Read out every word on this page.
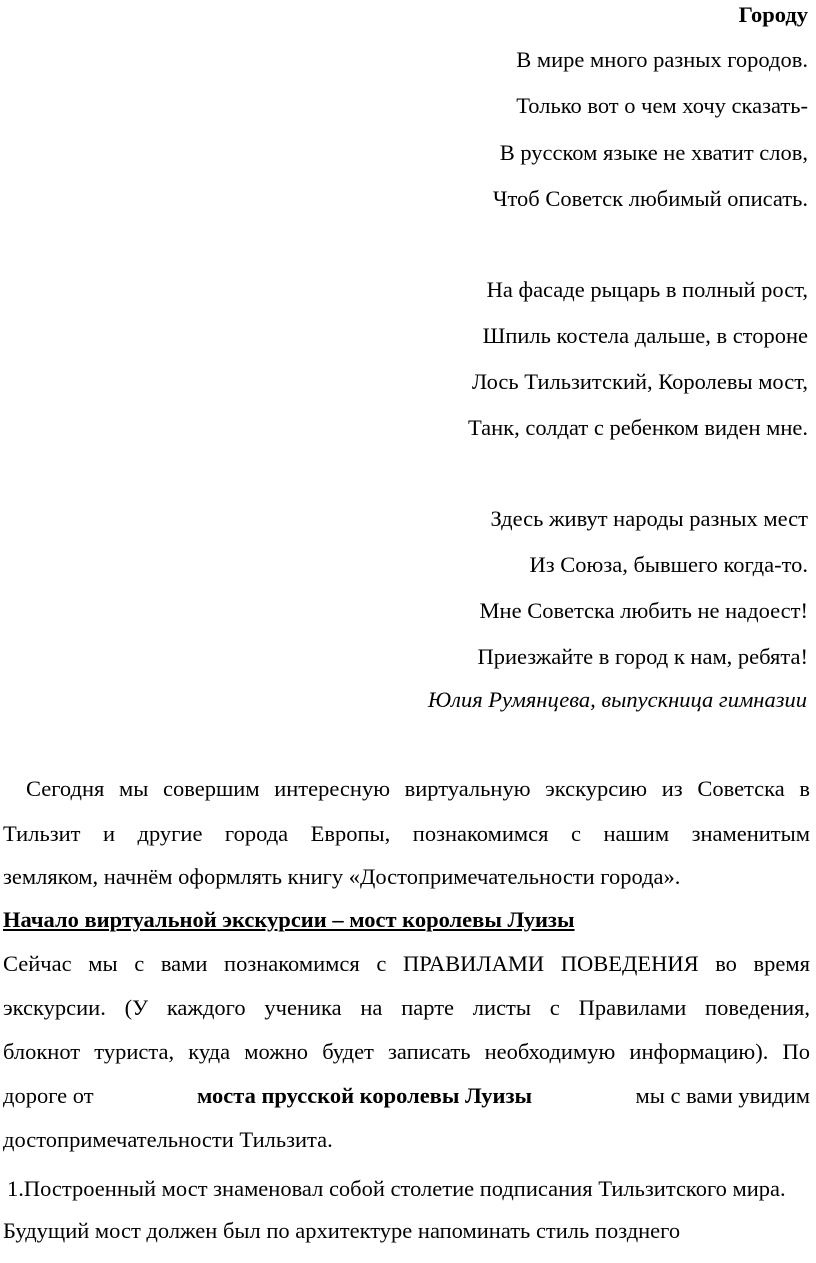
Городу
В мире много разных городов.
Только вот о чем хочу сказать-
В русском языке не хватит слов,
Чтоб Советск любимый описать.
На фасаде рыцарь в полный рост,
Шпиль костела дальше, в стороне
Лось Тильзитский, Королевы мост,
Танк, солдат с ребенком виден мне.
Здесь живут народы разных мест
Из Союза, бывшего когда-то.
Мне Советска любить не надоест!
Приезжайте в город к нам, ребята!
Юлия Румянцева, выпускница гимназии
Сегодня мы совершим интересную виртуальную экскурсию из Советска в
Тильзит и другие города Европы, познакомимся с нашим знаменитым
земляком, начнём оформлять книгу «Достопримечательности города».
Начало виртуальной экскурсии – мост королевы Луизы
Сейчас мы с вами познакомимся с ПРАВИЛАМИ ПОВЕДЕНИЯ во время
экскурсии. (У каждого ученика на парте листы с Правилами поведения,
блокнот туриста, куда можно будет записать необходимую информацию). По
дороге от	моста прусской королевы Луизы	мы с вами увидим
достопримечательности Тильзита.
1.Построенный мост знаменовал собой столетие подписания Тильзитского мира.
Будущий мост должен был по архитектуре напоминать стиль позднего
